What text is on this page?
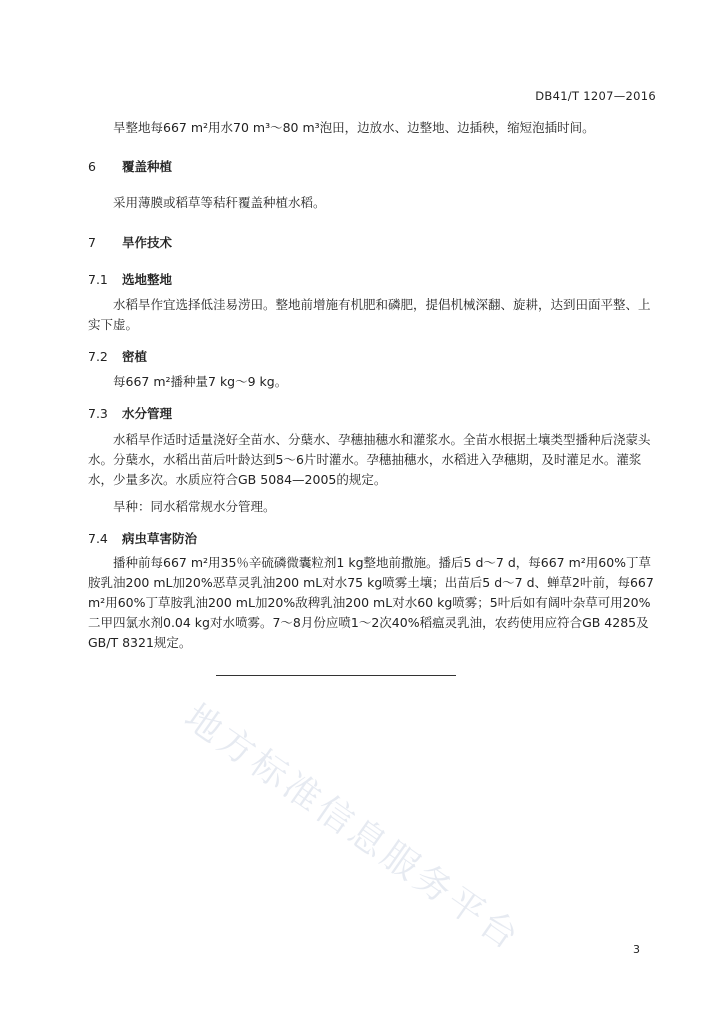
DB41/T 1207—2016

旱整地每667 m²用水70 m³～80 m³泡田，边放水、边整地、边插秧，缩短泡插时间。

6 覆盖种植

采用薄膜或稻草等秸秆覆盖种植水稻。

7 旱作技术
7.1 选地整地

水稻旱作宜选择低洼易涝田。整地前增施有机肥和磷肥，提倡机械深翻、旋耕，达到田面平整、上实下虚。

7.2 密植

每667 m²播种量7 kg～9 kg。

7.3 水分管理

水稻旱作适时适量浇好全苗水、分蘖水、孕穗抽穗水和灌浆水。全苗水根据土壤类型播种后浇蒙头水。分蘖水，水稻出苗后叶龄达到5～6片时灌水。孕穗抽穗水，水稻进入孕穗期，及时灌足水。灌浆水，少量多次。水质应符合GB 5084—2005的规定。

旱种：同水稻常规水分管理。

7.4 病虫草害防治

播种前每667 m²用35％辛硫磷微囊粒剂1 kg整地前撒施。播后5 d～7 d，每667 m²用60%丁草胺乳油200 mL加20%恶草灵乳油200 mL对水75 kg喷雾土壤；出苗后5 d～7 d、蝉草2叶前，每667 m²用60%丁草胺乳油200 mL加20%敌稗乳油200 mL对水60 kg喷雾；5叶后如有阔叶杂草可用20%二甲四氯水剂0.04 kg对水喷雾。7～8月份应喷1～2次40%稻瘟灵乳油，农药使用应符合GB 4285及GB/T 8321规定。

地方标准信息服务平台	3
